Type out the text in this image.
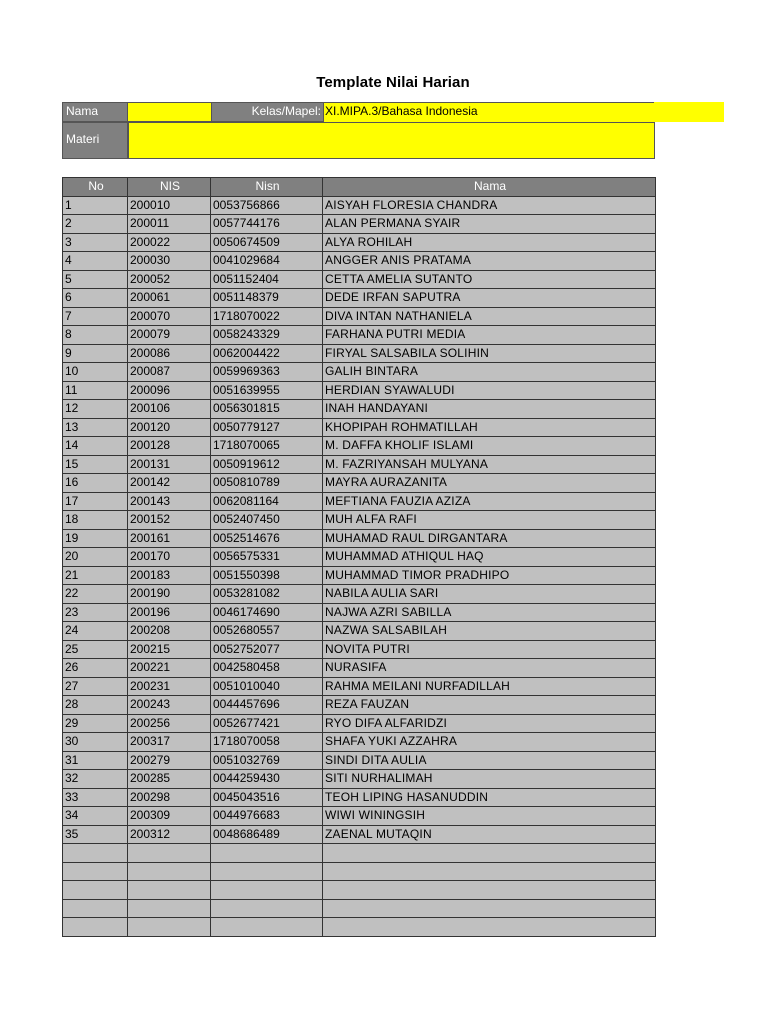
Template Nilai Harian
Nama	Kelas/Mapel: XI.MIPA.3/Bahasa Indonesia
Materi
No	NIS	Nisn	Nama
1	200010	0053756866	AISYAH FLORESIA CHANDRA
2	200011	0057744176	ALAN PERMANA SYAIR
3	200022	0050674509	ALYA ROHILAH
4	200030	0041029684	ANGGER ANIS PRATAMA
5	200052	0051152404	CETTA AMELIA SUTANTO
6	200061	0051148379	DEDE IRFAN SAPUTRA
7	200070	1718070022	DIVA INTAN NATHANIELA
8	200079	0058243329	FARHANA PUTRI MEDIA
9	200086	0062004422	FIRYAL SALSABILA SOLIHIN
10	200087	0059969363	GALIH BINTARA
11	200096	0051639955	HERDIAN SYAWALUDI
12	200106	0056301815	INAH HANDAYANI
13	200120	0050779127	KHOPIPAH ROHMATILLAH
14	200128	1718070065	M. DAFFA KHOLIF ISLAMI
15	200131	0050919612	M. FAZRIYANSAH MULYANA
16	200142	0050810789	MAYRA AURAZANITA
17	200143	0062081164	MEFTIANA FAUZIA AZIZA
18	200152	0052407450	MUH ALFA RAFI
19	200161	0052514676	MUHAMAD RAUL DIRGANTARA
20	200170	0056575331	MUHAMMAD ATHIQUL HAQ
21	200183	0051550398	MUHAMMAD TIMOR PRADHIPO
22	200190	0053281082	NABILA AULIA SARI
23	200196	0046174690	NAJWA AZRI SABILLA
24	200208	0052680557	NAZWA SALSABILAH
25	200215	0052752077	NOVITA PUTRI
26	200221	0042580458	NURASIFA
27	200231	0051010040	RAHMA MEILANI NURFADILLAH
28	200243	0044457696	REZA FAUZAN
29	200256	0052677421	RYO DIFA ALFARIDZI
30	200317	1718070058	SHAFA YUKI AZZAHRA
31	200279	0051032769	SINDI DITA AULIA
32	200285	0044259430	SITI NURHALIMAH
33	200298	0045043516	TEOH LIPING HASANUDDIN
34	200309	0044976683	WIWI WININGSIH
35	200312	0048686489	ZAENAL MUTAQIN
